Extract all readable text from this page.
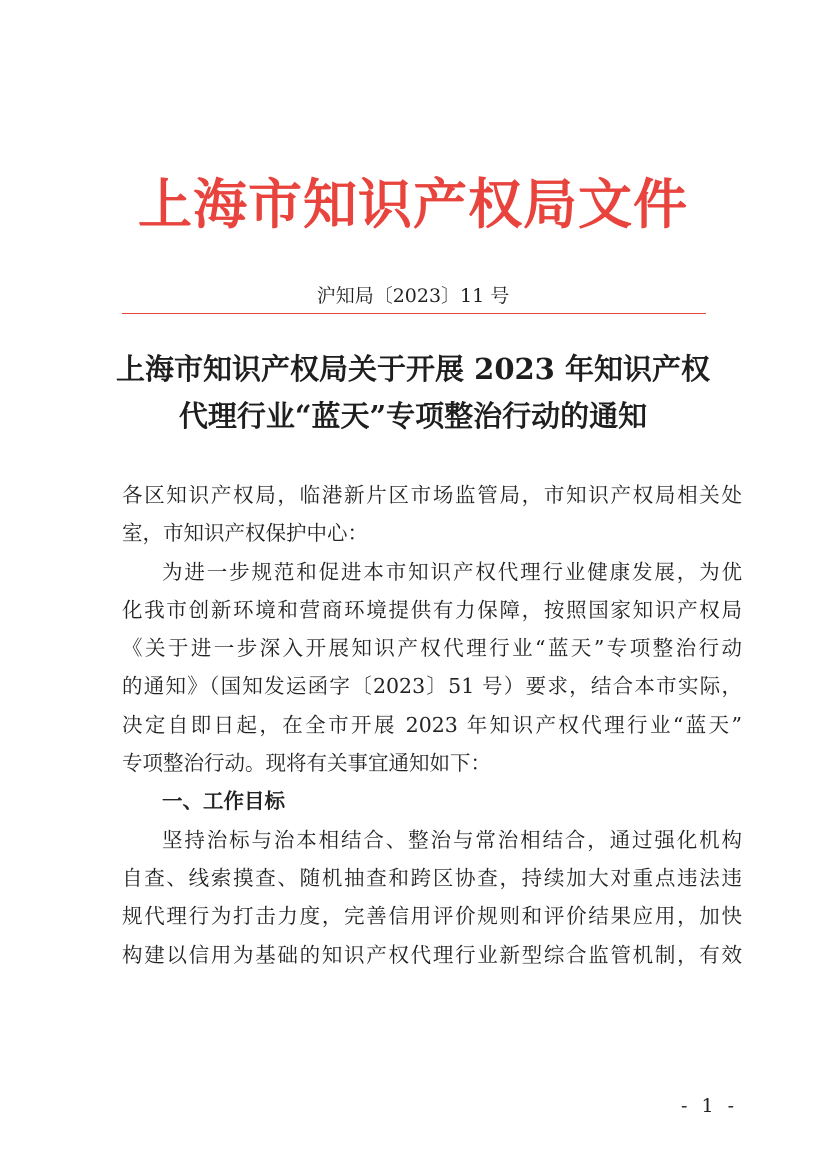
上海市知识产权局文件
沪知局〔2023〕11 号
上海市知识产权局关于开展 2023 年知识产权
代理行业“蓝天”专项整治行动的通知
各区知识产权局，临港新片区市场监管局，市知识产权局相关处
室，市知识产权保护中心：
为进一步规范和促进本市知识产权代理行业健康发展，为优
化我市创新环境和营商环境提供有力保障，按照国家知识产权局
《关于进一步深入开展知识产权代理行业“蓝天”专项整治行动
的通知》（国知发运函字〔2023〕51 号）要求，结合本市实际，
决定自即日起，在全市开展 2023 年知识产权代理行业“蓝天”
专项整治行动。现将有关事宜通知如下：
一、工作目标
坚持治标与治本相结合、整治与常治相结合，通过强化机构
自查、线索摸查、随机抽查和跨区协查，持续加大对重点违法违
规代理行为打击力度，完善信用评价规则和评价结果应用，加快
构建以信用为基础的知识产权代理行业新型综合监管机制，有效
- 1 -
